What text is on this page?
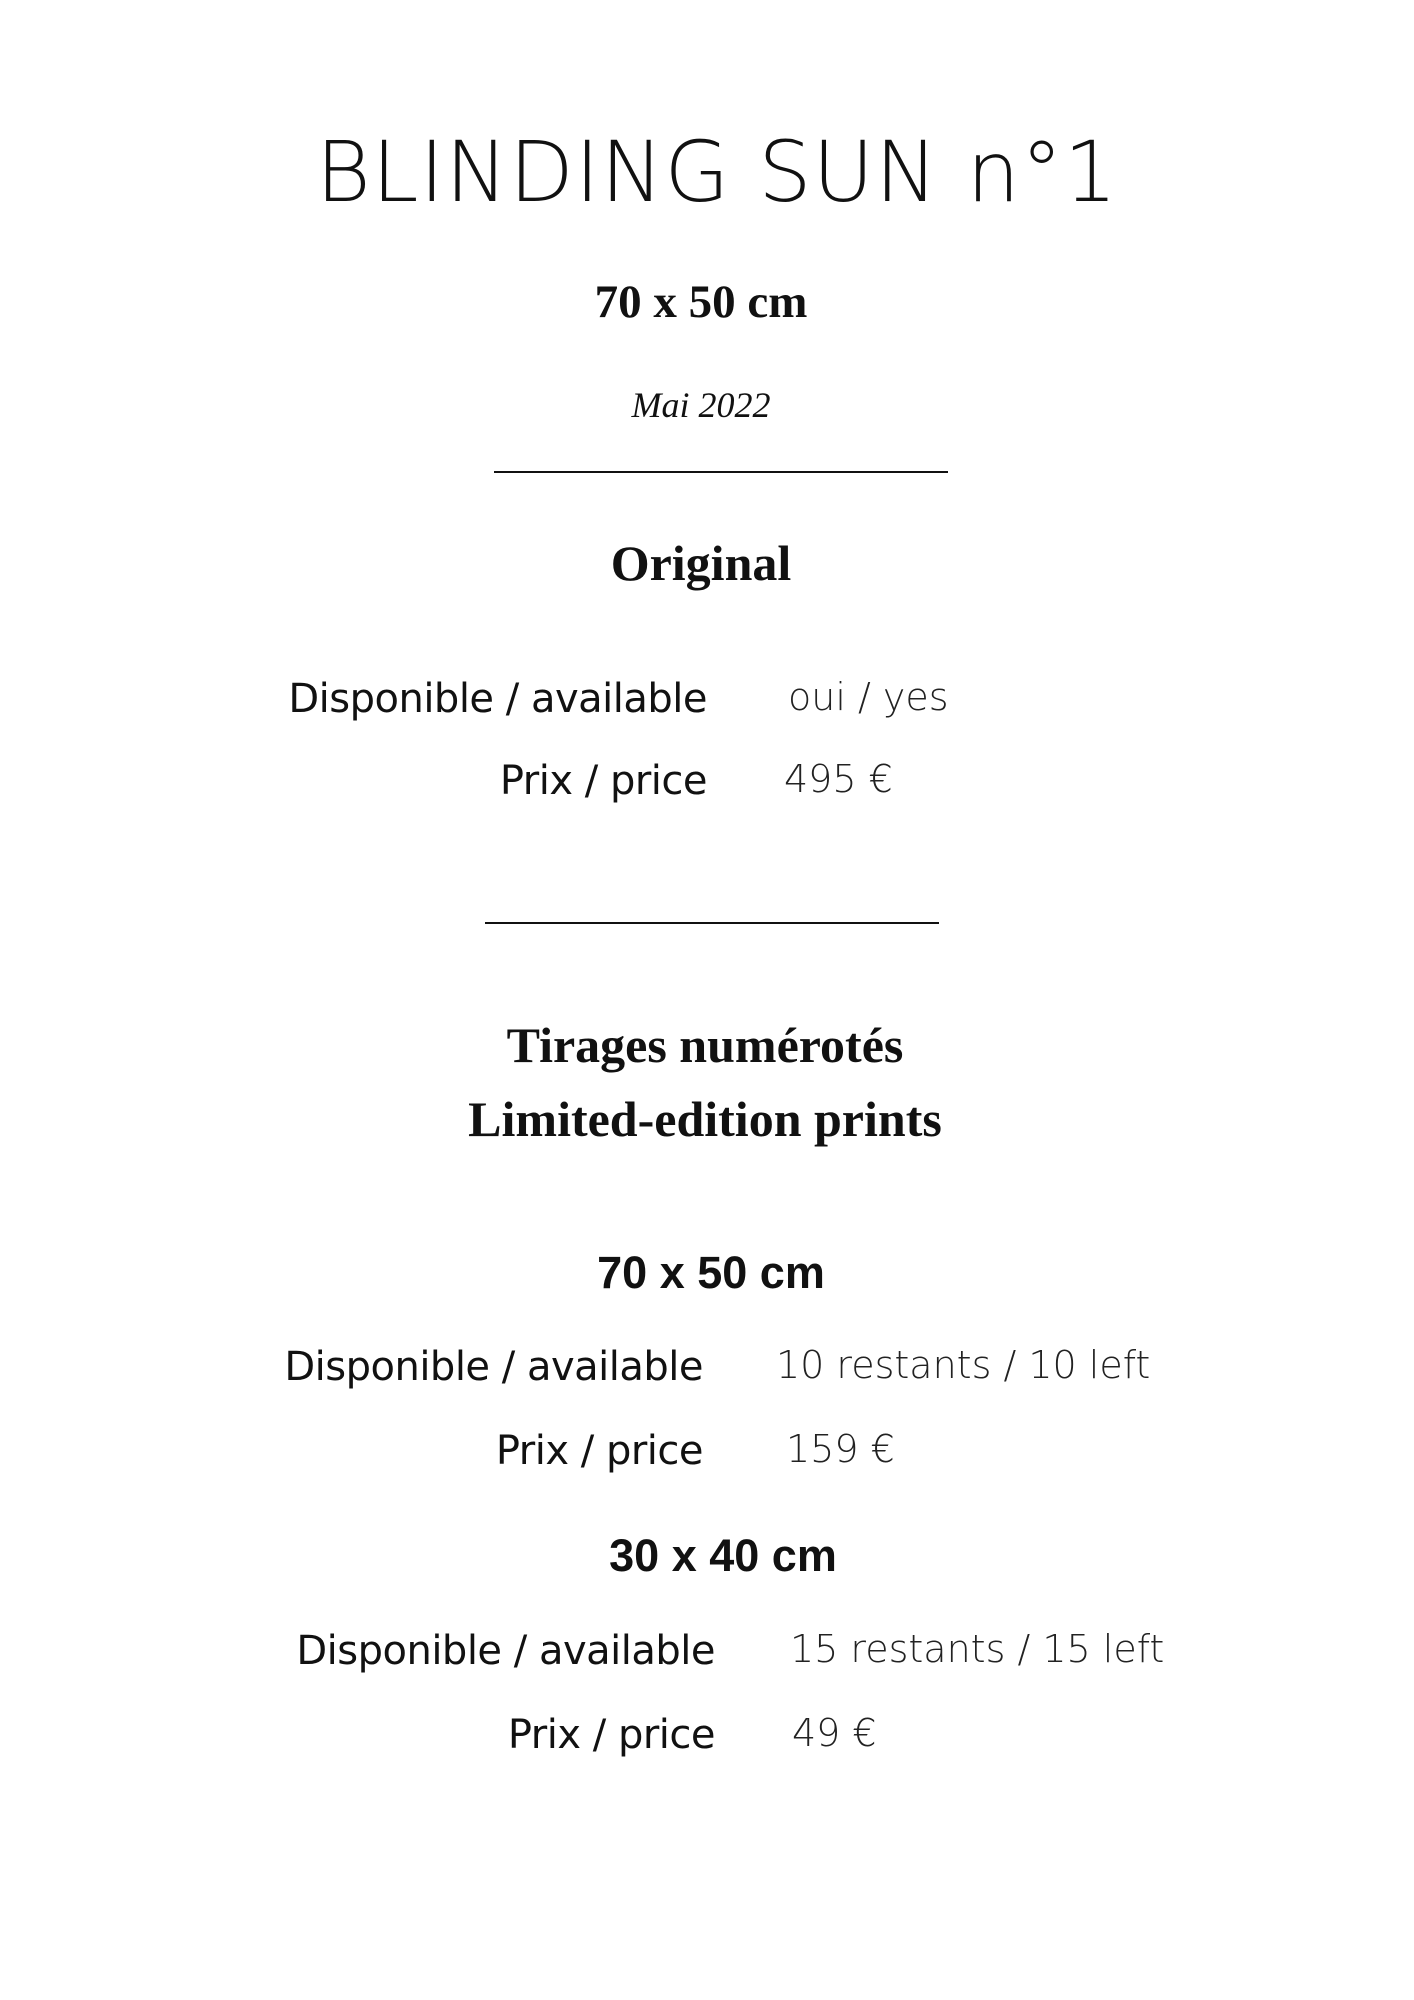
BLINDING SUN n°1
70 x 50 cm
Mai 2022
Original
Disponible / available oui / yes
Prix / price 495 €
Tirages numérotés
Limited-edition prints
70 x 50 cm
Disponible / available 10 restants / 10 left
Prix / price 159 €
30 x 40 cm
Disponible / available 15 restants / 15 left
Prix / price 49 €
